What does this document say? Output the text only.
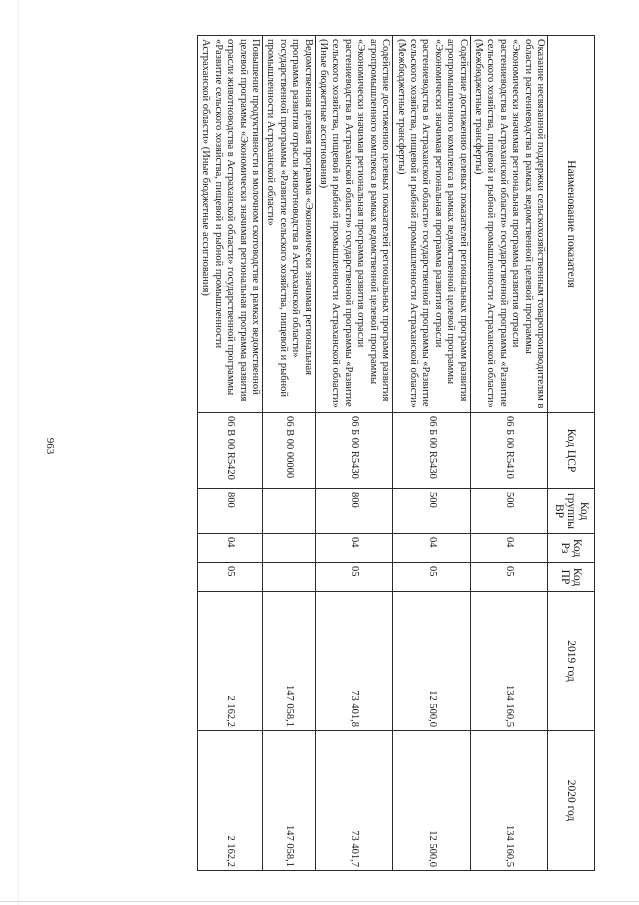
963
Наименование показателя	Код ЦСР	Код группы ВР	Код Рз	Код ПР	2019 год	2020 год
Оказание несвязанной поддержки сельскохозяйственным товаропроизводителям в области растениеводства в рамках ведомственной целевой программы «Экономически значимая региональная программа развития отрасли растениеводства в Астраханской области» государственной программы «Развитие сельского хозяйства, пищевой и рыбной промышленности Астраханской области» (Межбюджетные трансферты)	06 Б 00 R5410	500	04	05	134 160,5	134 160,5
Содействие достижению целевых показателей региональных программ развития агропромышленного комплекса в рамках ведомственной целевой программы «Экономически значимая региональная программа развития отрасли растениеводства в Астраханской области» государственной программы «Развитие сельского хозяйства, пищевой и рыбной промышленности Астраханской области» (Межбюджетные трансферты)	06 Б 00 R5430	500	04	05	12 500,0	12 500,0
Содействие достижению целевых показателей региональных программ развития агропромышленного комплекса в рамках ведомственной целевой программы «Экономически значимая региональная программа развития отрасли растениеводства в Астраханской области» государственной программы «Развитие сельского хозяйства, пищевой и рыбной промышленности Астраханской области» (Иные бюджетные ассигнования)	06 Б 00 R5430	800	04	05	73 401,8	73 401,7
Ведомственная целевая программа «Экономически значимая региональная программа развития отрасли животноводства в Астраханской области» государственной программы «Развитие сельского хозяйства, пищевой и рыбной промышленности Астраханской области»	06 В 00 00000				147 058,1	147 058,1
Повышение продуктивности в молочном скотоводстве в рамках ведомственной целевой программы «Экономически значимая региональная программа развития отрасли животноводства в Астраханской области» государственной программы «Развитие сельского хозяйства, пищевой и рыбной промышленности Астраханской области» (Иные бюджетные ассигнования)	06 В 00 R5420	800	04	05	2 162,2	2 162,2
